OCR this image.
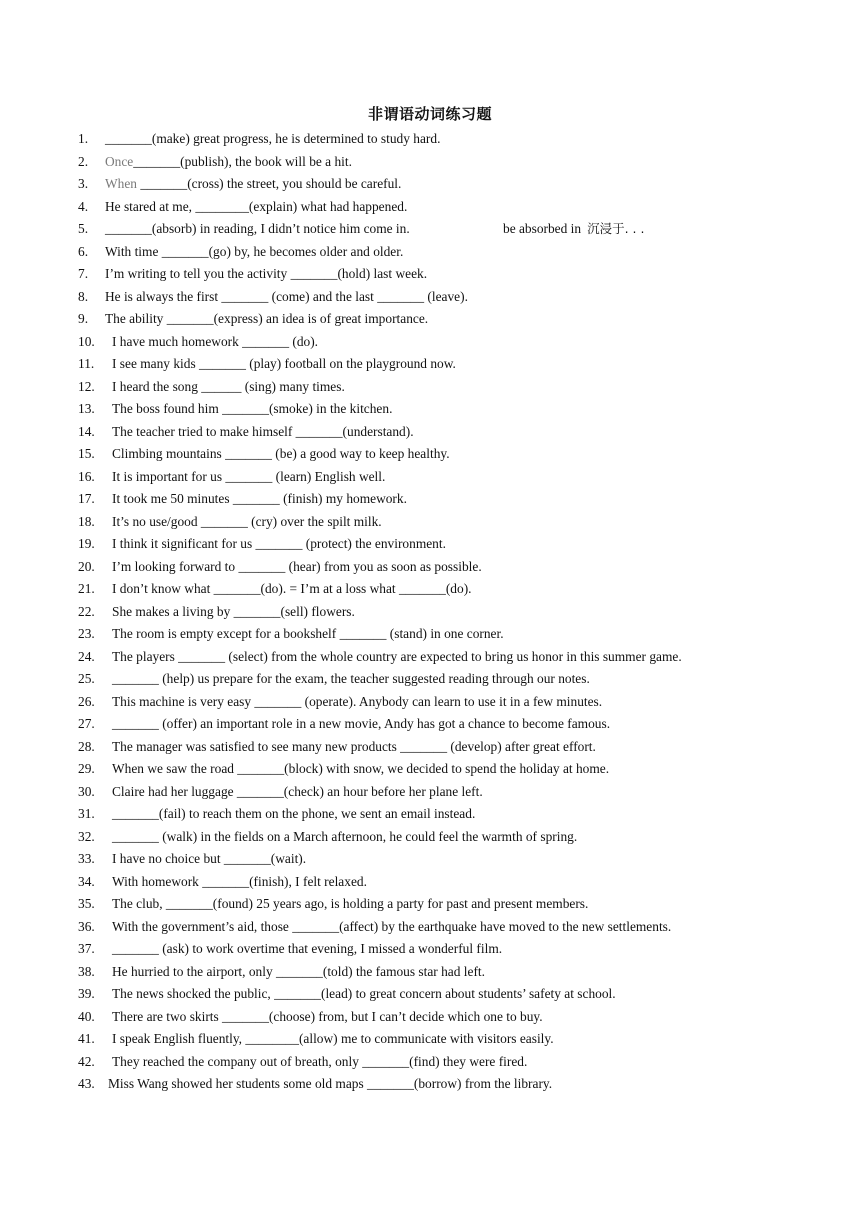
非谓语动词练习题
1. _______(make) great progress, he is determined to study hard.
2. Once_______(publish), the book will be a hit.
3. When _______(cross) the street, you should be careful.
4. He stared at me, ________(explain) what had happened.
5. _______(absorb) in reading, I didn’t notice him come in.	be absorbed in 沉浸于. . .
6. With time _______(go) by, he becomes older and older.
7. I’m writing to tell you the activity _______(hold) last week.
8. He is always the first _______ (come) and the last _______ (leave).
9. The ability _______(express) an idea is of great importance.
10. I have much homework _______ (do).
11. I see many kids _______ (play) football on the playground now.
12. I heard the song ______ (sing) many times.
13. The boss found him _______(smoke) in the kitchen.
14. The teacher tried to make himself _______(understand).
15. Climbing mountains _______ (be) a good way to keep healthy.
16. It is important for us _______ (learn) English well.
17. It took me 50 minutes _______ (finish) my homework.
18. It’s no use/good _______ (cry) over the spilt milk.
19. I think it significant for us _______ (protect) the environment.
20. I’m looking forward to _______ (hear) from you as soon as possible.
21. I don’t know what _______(do). = I’m at a loss what _______(do).
22. She makes a living by _______(sell) flowers.
23. The room is empty except for a bookshelf _______ (stand) in one corner.
24. The players _______ (select) from the whole country are expected to bring us honor in this summer game.
25. _______ (help) us prepare for the exam, the teacher suggested reading through our notes.
26. This machine is very easy _______ (operate). Anybody can learn to use it in a few minutes.
27. _______ (offer) an important role in a new movie, Andy has got a chance to become famous.
28. The manager was satisfied to see many new products _______ (develop) after great effort.
29. When we saw the road _______(block) with snow, we decided to spend the holiday at home.
30. Claire had her luggage _______(check) an hour before her plane left.
31. _______(fail) to reach them on the phone, we sent an email instead.
32. _______ (walk) in the fields on a March afternoon, he could feel the warmth of spring.
33. I have no choice but _______(wait).
34. With homework _______(finish), I felt relaxed.
35. The club, _______(found) 25 years ago, is holding a party for past and present members.
36. With the government’s aid, those _______(affect) by the earthquake have moved to the new settlements.
37. _______ (ask) to work overtime that evening, I missed a wonderful film.
38. He hurried to the airport, only _______(told) the famous star had left.
39. The news shocked the public, _______(lead) to great concern about students’ safety at school.
40. There are two skirts _______(choose) from, but I can’t decide which one to buy.
41. I speak English fluently, ________(allow) me to communicate with visitors easily.
42. They reached the company out of breath, only _______(find) they were fired.
43. Miss Wang showed her students some old maps _______(borrow) from the library.
